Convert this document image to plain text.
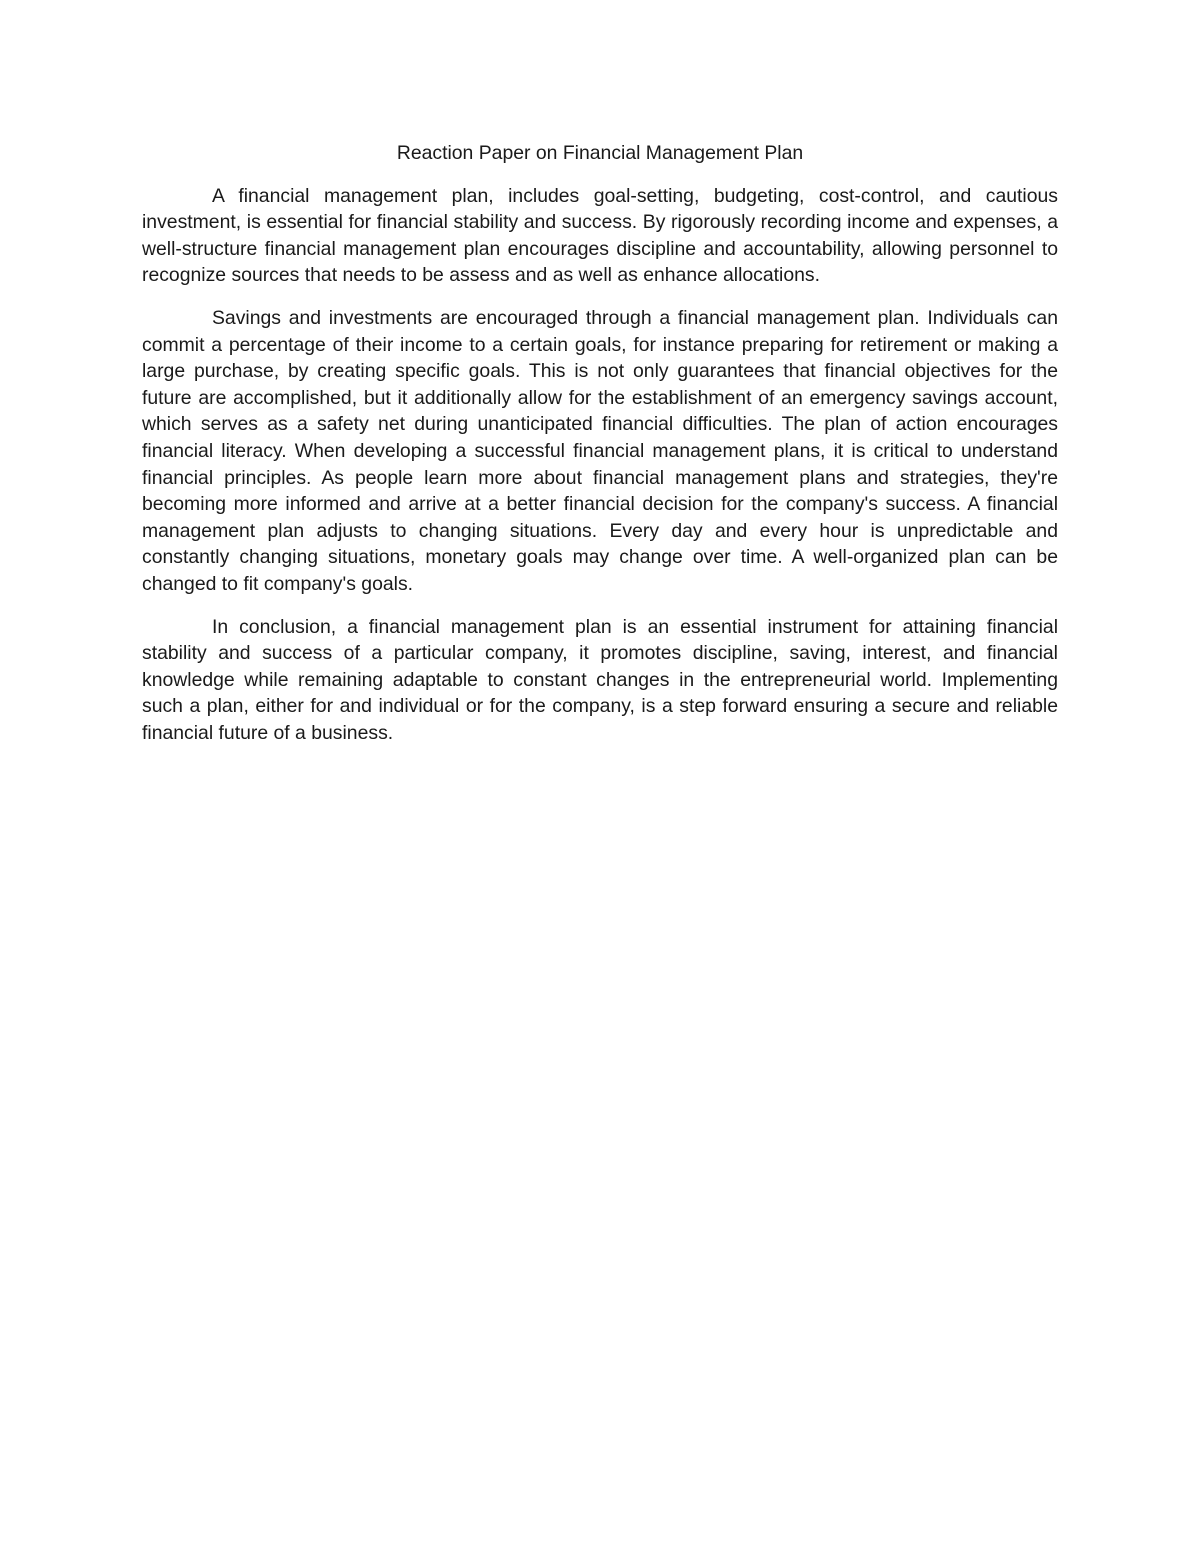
Reaction Paper on Financial Management Plan

A financial management plan, includes goal-setting, budgeting, cost-control, and cautious investment, is essential for financial stability and success. By rigorously recording income and expenses, a well-structure financial management plan encourages discipline and accountability, allowing personnel to recognize sources that needs to be assess and as well as enhance allocations.

Savings and investments are encouraged through a financial management plan. Individuals can commit a percentage of their income to a certain goals, for instance preparing for retirement or making a large purchase, by creating specific goals. This is not only guarantees that financial objectives for the future are accomplished, but it additionally allow for the establishment of an emergency savings account, which serves as a safety net during unanticipated financial difficulties. The plan of action encourages financial literacy. When developing a successful financial management plans, it is critical to understand financial principles. As people learn more about financial management plans and strategies, they're becoming more informed and arrive at a better financial decision for the company's success. A financial management plan adjusts to changing situations. Every day and every hour is unpredictable and constantly changing situations, monetary goals may change over time. A well-organized plan can be changed to fit company's goals.

In conclusion, a financial management plan is an essential instrument for attaining financial stability and success of a particular company, it promotes discipline, saving, interest, and financial knowledge while remaining adaptable to constant changes in the entrepreneurial world. Implementing such a plan, either for and individual or for the company, is a step forward ensuring a secure and reliable financial future of a business.
